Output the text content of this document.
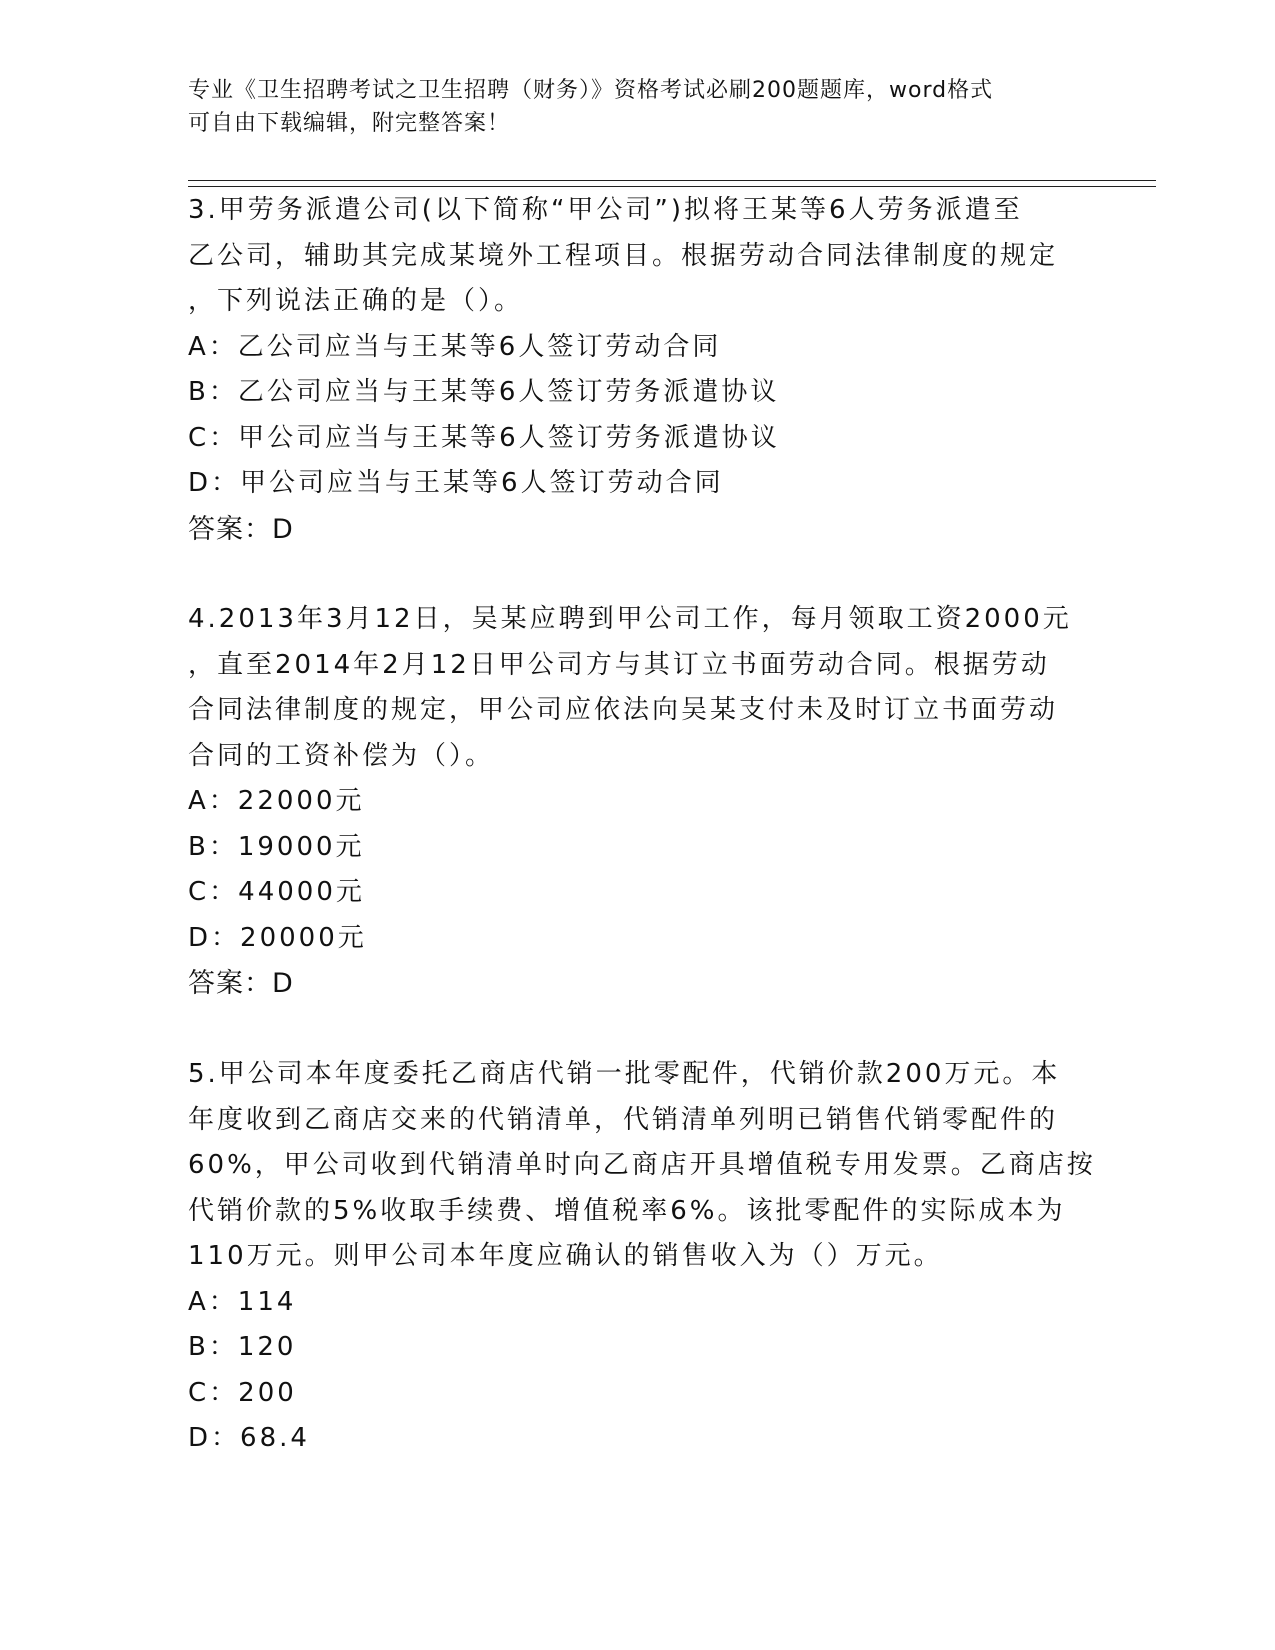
专业《卫生招聘考试之卫生招聘（财务）》资格考试必刷200题题库，word格式
可自由下载编辑，附完整答案！
3.甲劳务派遣公司(以下简称“甲公司”)拟将王某等6人劳务派遣至
乙公司，辅助其完成某境外工程项目。根据劳动合同法律制度的规定
，下列说法正确的是（）。
A：乙公司应当与王某等6人签订劳动合同
B：乙公司应当与王某等6人签订劳务派遣协议
C：甲公司应当与王某等6人签订劳务派遣协议
D：甲公司应当与王某等6人签订劳动合同
答案：D
4.2013年3月12日，吴某应聘到甲公司工作，每月领取工资2000元
，直至2014年2月12日甲公司方与其订立书面劳动合同。根据劳动
合同法律制度的规定，甲公司应依法向吴某支付未及时订立书面劳动
合同的工资补偿为（）。
A：22000元
B：19000元
C：44000元
D：20000元
答案：D
5.甲公司本年度委托乙商店代销一批零配件，代销价款200万元。本
年度收到乙商店交来的代销清单，代销清单列明已销售代销零配件的
60%，甲公司收到代销清单时向乙商店开具增值税专用发票。乙商店按
代销价款的5%收取手续费、增值税率6%。该批零配件的实际成本为
110万元。则甲公司本年度应确认的销售收入为（）万元。
A：114
B：120
C：200
D：68.4
